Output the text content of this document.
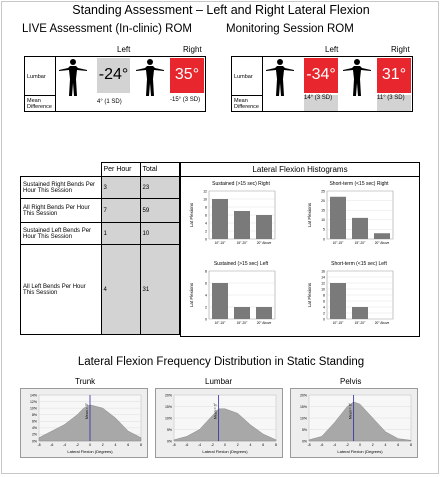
Standing Assessment – Left and Right Lateral Flexion
LIVE Assessment (In-clinic) ROM
Left	Right
Lumbar
Mean Difference
-24°	35°
4° (1 SD)	-15° (3 SD)
Monitoring Session ROM
Left	Right
Lumbar
Mean Difference
-34°	31°
14° (3 SD)	11° (3 SD)
	Per Hour	Total
Sustained Right Bends Per Hour This Session	3	23
All Right Bends Per Hour This Session	7	59
Sustained Left Bends Per Hour This Session	1	10
All Left Bends Per Hour This Session	4	31
Lateral Flexion Histograms
Sustained (>15 sec) Right
Lat Flexions
0
2
4
6
8
10
12
10°-15°	15°-20°	20° Above
Short-term (<15 sec) Right
Lat Flexions
0
5
10
15
20
25
10°-15°	15°-20°	20° Above
Sustained (>15 sec) Left
Lat Flexions
0
2
4
6
8
10°-15°	15°-20°	20° Above
Short-term (<15 sec) Left
Lat Flexions
0
2
4
6
8
10
12
14
16
10°-15°	15°-20°	20° Above
Lateral Flexion Frequency Distribution in Static Standing
Trunk	Lumbar	Pelvis
0%
2%
4%
6%
8%
10%
12%
14%
Mean = 0°
-8	-6	-4	-2	0	2	4	6	8
Lateral Flexion (Degrees)
0%
5%
10%
15%
20%
Mean = 0°
-8	-6	-4	-2	0	2	4	6	8
Lateral Flexion (Degrees)
0%
5%
10%
15%
20%
Mean = 0°
-8	-6	-4	-2	0	2	4	6	8
Lateral Flexion (Degrees)
